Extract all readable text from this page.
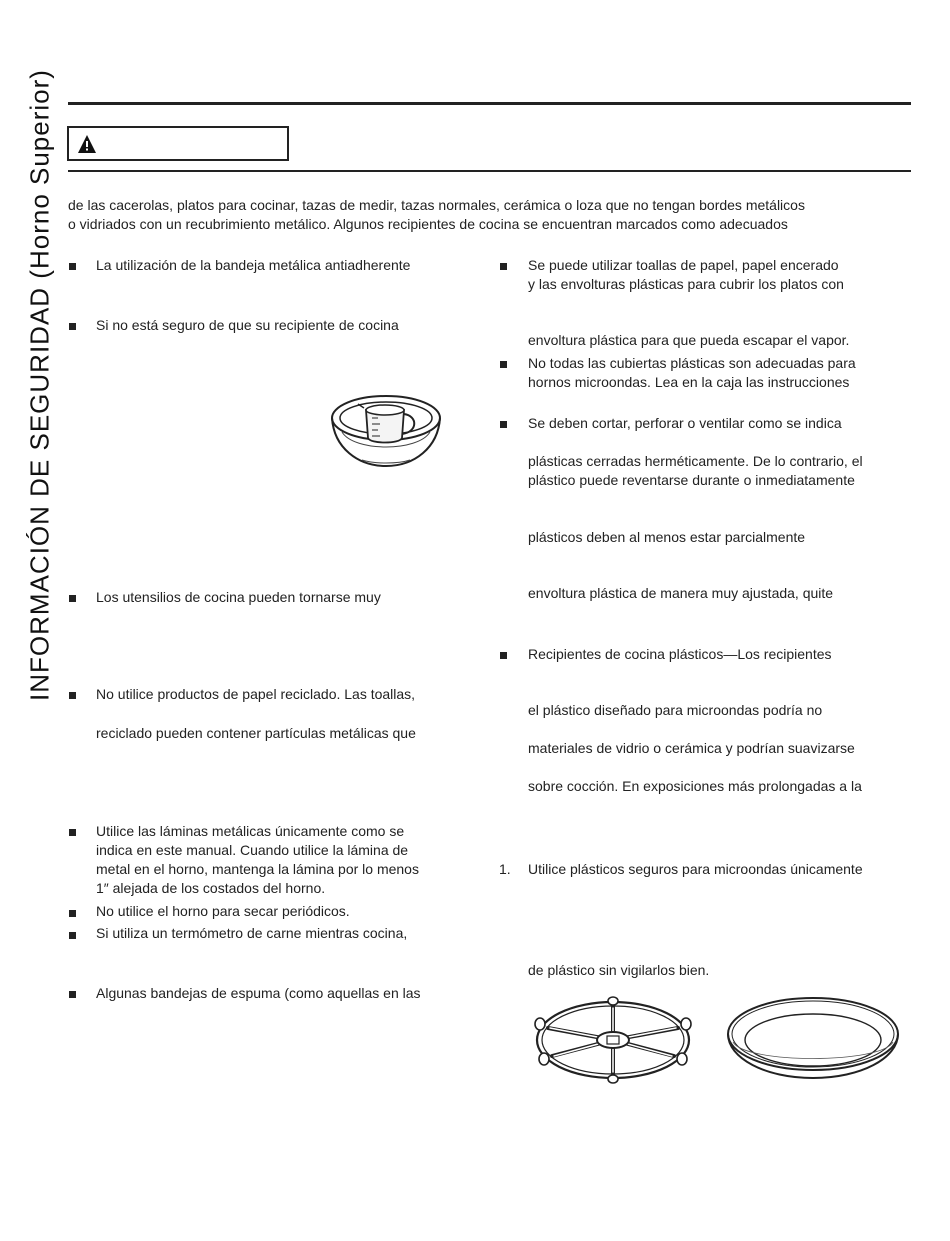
INFORMACIÓN DE SEGURIDAD (Horno Superior) de las cacerolas, platos para cocinar, tazas de medir, tazas normales, cerámica o loza que no tengan bordes metálicos
o vidriados con un recubrimiento metálico. Algunos recipientes de cocina se encuentran marcados como adecuados
La utilización de la bandeja metálica antiadherente
Si no está seguro de que su recipiente de cocina
Los utensilios de cocina pueden tornarse muy
No utilice productos de papel reciclado. Las toallas,
reciclado pueden contener partículas metálicas que
Utilice las láminas metálicas únicamente como se
indica en este manual. Cuando utilice la lámina de
metal en el horno, mantenga la lámina por lo menos
1″ alejada de los costados del horno.
No utilice el horno para secar periódicos.
Si utiliza un termómetro de carne mientras cocina,
Algunas bandejas de espuma (como aquellas en las
Se puede utilizar toallas de papel, papel encerado
y las envolturas plásticas para cubrir los platos con
envoltura plástica para que pueda escapar el vapor.
No todas las cubiertas plásticas son adecuadas para
hornos microondas. Lea en la caja las instrucciones
Se deben cortar, perforar o ventilar como se indica
plásticas cerradas herméticamente. De lo contrario, el
plástico puede reventarse durante o inmediatamente
plásticos deben al menos estar parcialmente
envoltura plástica de manera muy ajustada, quite
Recipientes de cocina plásticos—Los recipientes
el plástico diseñado para microondas podría no
materiales de vidrio o cerámica y podrían suavizarse
sobre cocción. En exposiciones más prolongadas a la
1. Utilice plásticos seguros para microondas únicamente
de plástico sin vigilarlos bien.
